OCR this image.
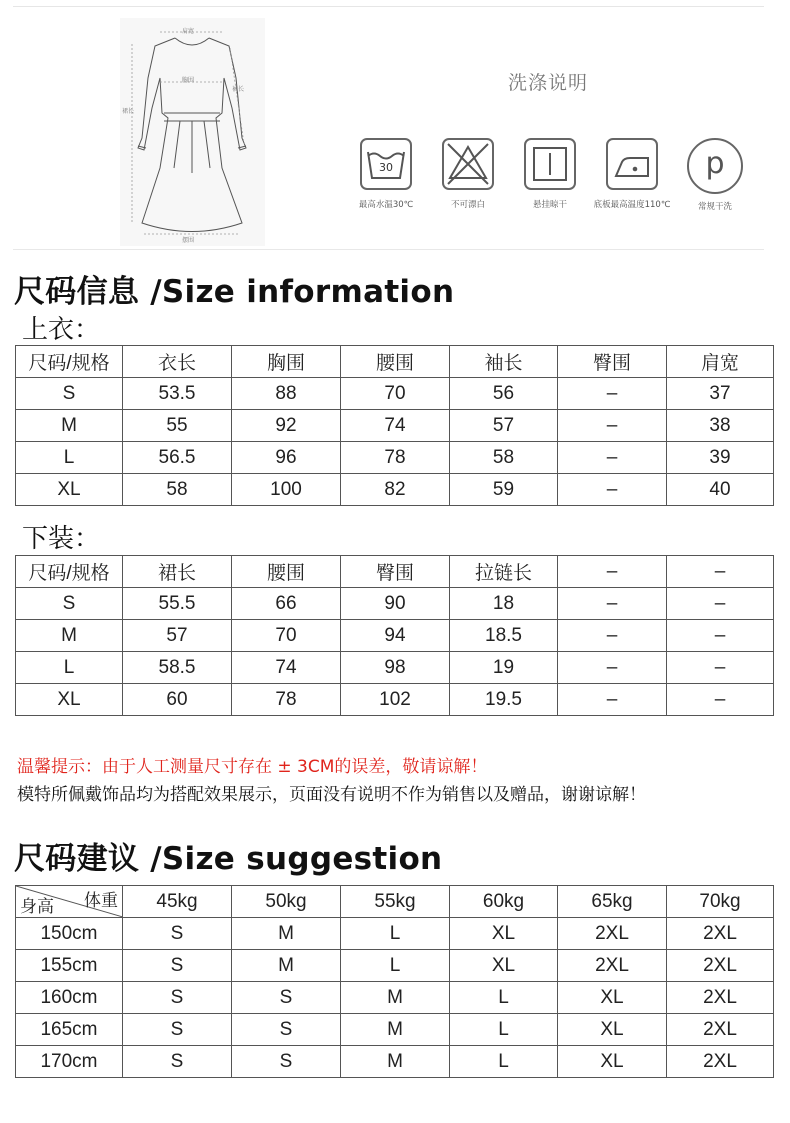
肩宽
胸围
袖长
裙长
摆围
洗涤说明
30
最高水温30℃	不可漂白	悬挂晾干	底板最高温度110℃
p
常规干洗
尺码信息 /Size information
上衣：
尺码/规格	衣长	胸围	腰围	袖长	臀围	肩宽
S	53.5	88	70	56	–	37
M	55	92	74	57	–	38
L	56.5	96	78	58	–	39
XL	58	100	82	59	–	40
下装：
尺码/规格	裙长	腰围	臀围	拉链长	–	–
S	55.5	66	90	18	–	–
M	57	70	94	18.5	–	–
L	58.5	74	98	19	–	–
XL	60	78	102	19.5	–	–
温馨提示：由于人工测量尺寸存在 ± 3CM的误差，敬请谅解！
模特所佩戴饰品均为搭配效果展示，页面没有说明不作为销售以及赠品，谢谢谅解！
尺码建议 /Size suggestion
体重
身高	45kg	50kg	55kg	60kg	65kg	70kg
150cm	S	M	L	XL	2XL	2XL
155cm	S	M	L	XL	2XL	2XL
160cm	S	S	M	L	XL	2XL
165cm	S	S	M	L	XL	2XL
170cm	S	S	M	L	XL	2XL
